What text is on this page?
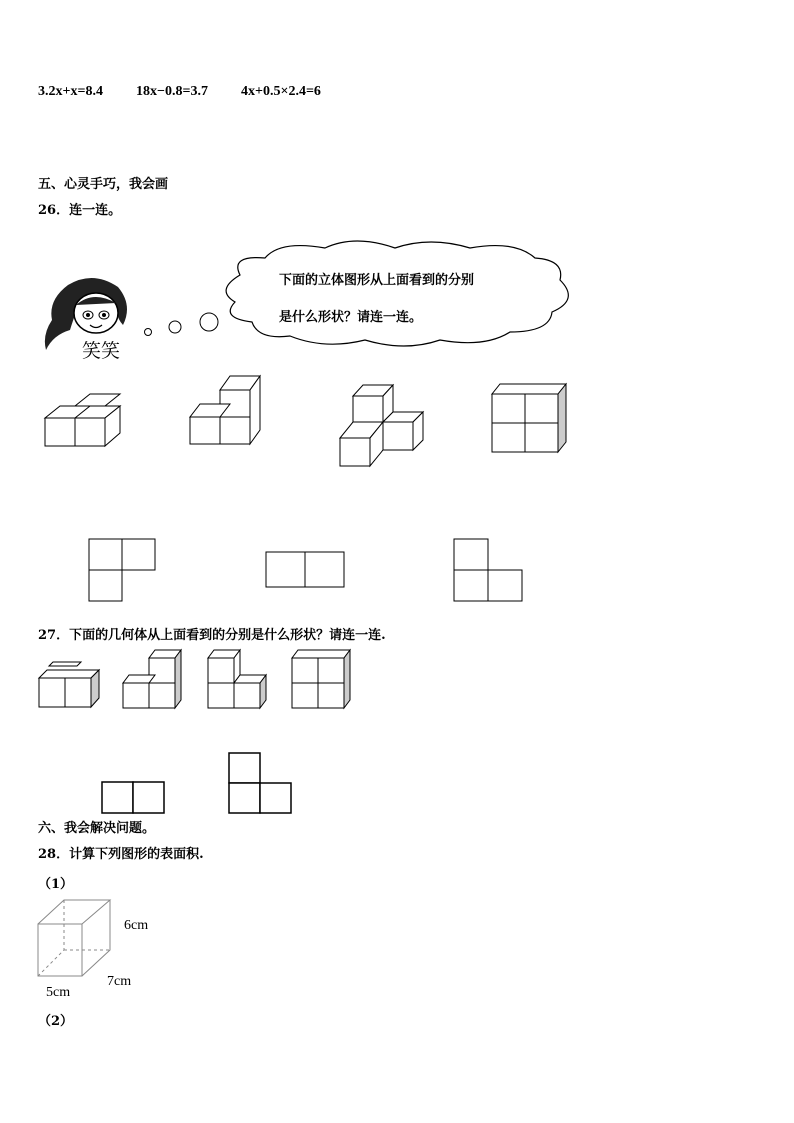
3.2x+x=8.4 18x−0.8=3.7 4x+0.5×2.4=6
五、心灵手巧，我会画
26．连一连。
笑笑
下面的立体图形从上面看到的分别
是什么形状？请连一连。
27．下面的几何体从上面看到的分别是什么形状？请连一连.
六、我会解决问题。
28．计算下列图形的表面积.
（1）
6cm
7cm
5cm
（2）
